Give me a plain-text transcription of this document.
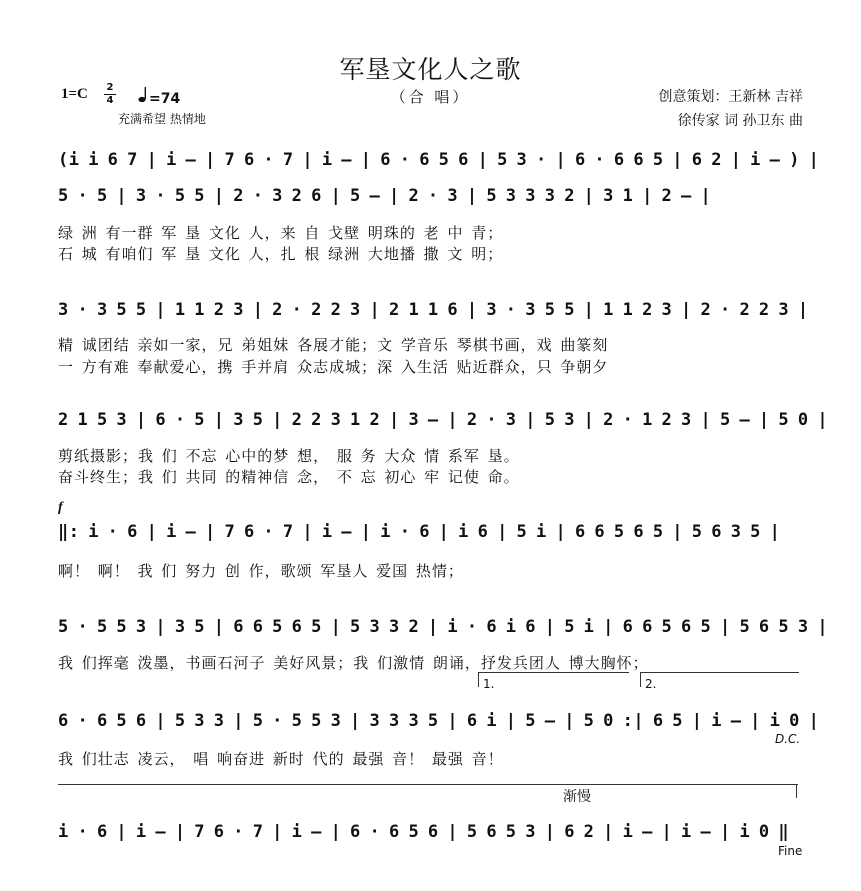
军垦文化人之歌
（合 唱）
1=C 2
4	=74
充满希望 热情地
创意策划：王新林 吉祥
徐传家 词 孙卫东 曲
(i i 6 7 | i – | 7 6 · 7 | i – | 6 · 6 5 6 | 5 3 · | 6 · 6 6 5 | 6 2 | i – ) |
5 · 5 | 3 · 5 5 | 2 · 3 2 6 | 5 – | 2 · 3 | 5 3 3 3 2 | 3 1 | 2 – |
绿 洲 有一群 军 垦 文化 人，来 自 戈壁 明珠的 老 中 青；
石 城 有咱们 军 垦 文化 人，扎 根 绿洲 大地播 撒 文 明；
3 · 3 5 5 | 1 1 2 3 | 2 · 2 2 3 | 2 1 1 6 | 3 · 3 5 5 | 1 1 2 3 | 2 · 2 2 3 |
精 诚团结 亲如一家，兄 弟姐妹 各展才能；文 学音乐 琴棋书画，戏 曲篆刻
一 方有难 奉献爱心，携 手并肩 众志成城；深 入生活 贴近群众，只 争朝夕
2 1 5 3 | 6 · 5 | 3 5 | 2 2 3 1 2 | 3 – | 2 · 3 | 5 3 | 2 · 1 2 3 | 5 – | 5 0 |
剪纸摄影；我 们 不忘 心中的梦 想， 服 务 大众 情 系军 垦。
奋斗终生；我 们 共同 的精神信 念， 不 忘 初心 牢 记使 命。
f
‖: i · 6 | i – | 7 6 · 7 | i – | i · 6 | i 6 | 5 i | 6 6 5 6 5 | 5 6 3 5 |
啊！ 啊！ 我 们 努力 创 作，歌颂 军垦人 爱国 热情；
5 · 5 5 3 | 3 5 | 6 6 5 6 5 | 5 3 3 2 | i · 6 i 6 | 5 i | 6 6 5 6 5 | 5 6 5 3 |
我 们挥毫 泼墨，书画石河子 美好风景；我 们激情 朗诵，抒发兵团人 博大胸怀；
1.	2.
6 · 6 5 6 | 5 3 3 | 5 · 5 5 3 | 3 3 3 5 | 6 i | 5 – | 5 0 :| 6 5 | i – | i 0 |
D.C.
我 们壮志 凌云， 唱 响奋进 新时 代的 最强 音！ 最强 音！
渐慢
i · 6 | i – | 7 6 · 7 | i – | 6 · 6 5 6 | 5 6 5 3 | 6 2 | i – | i – | i 0 ‖
Fine
